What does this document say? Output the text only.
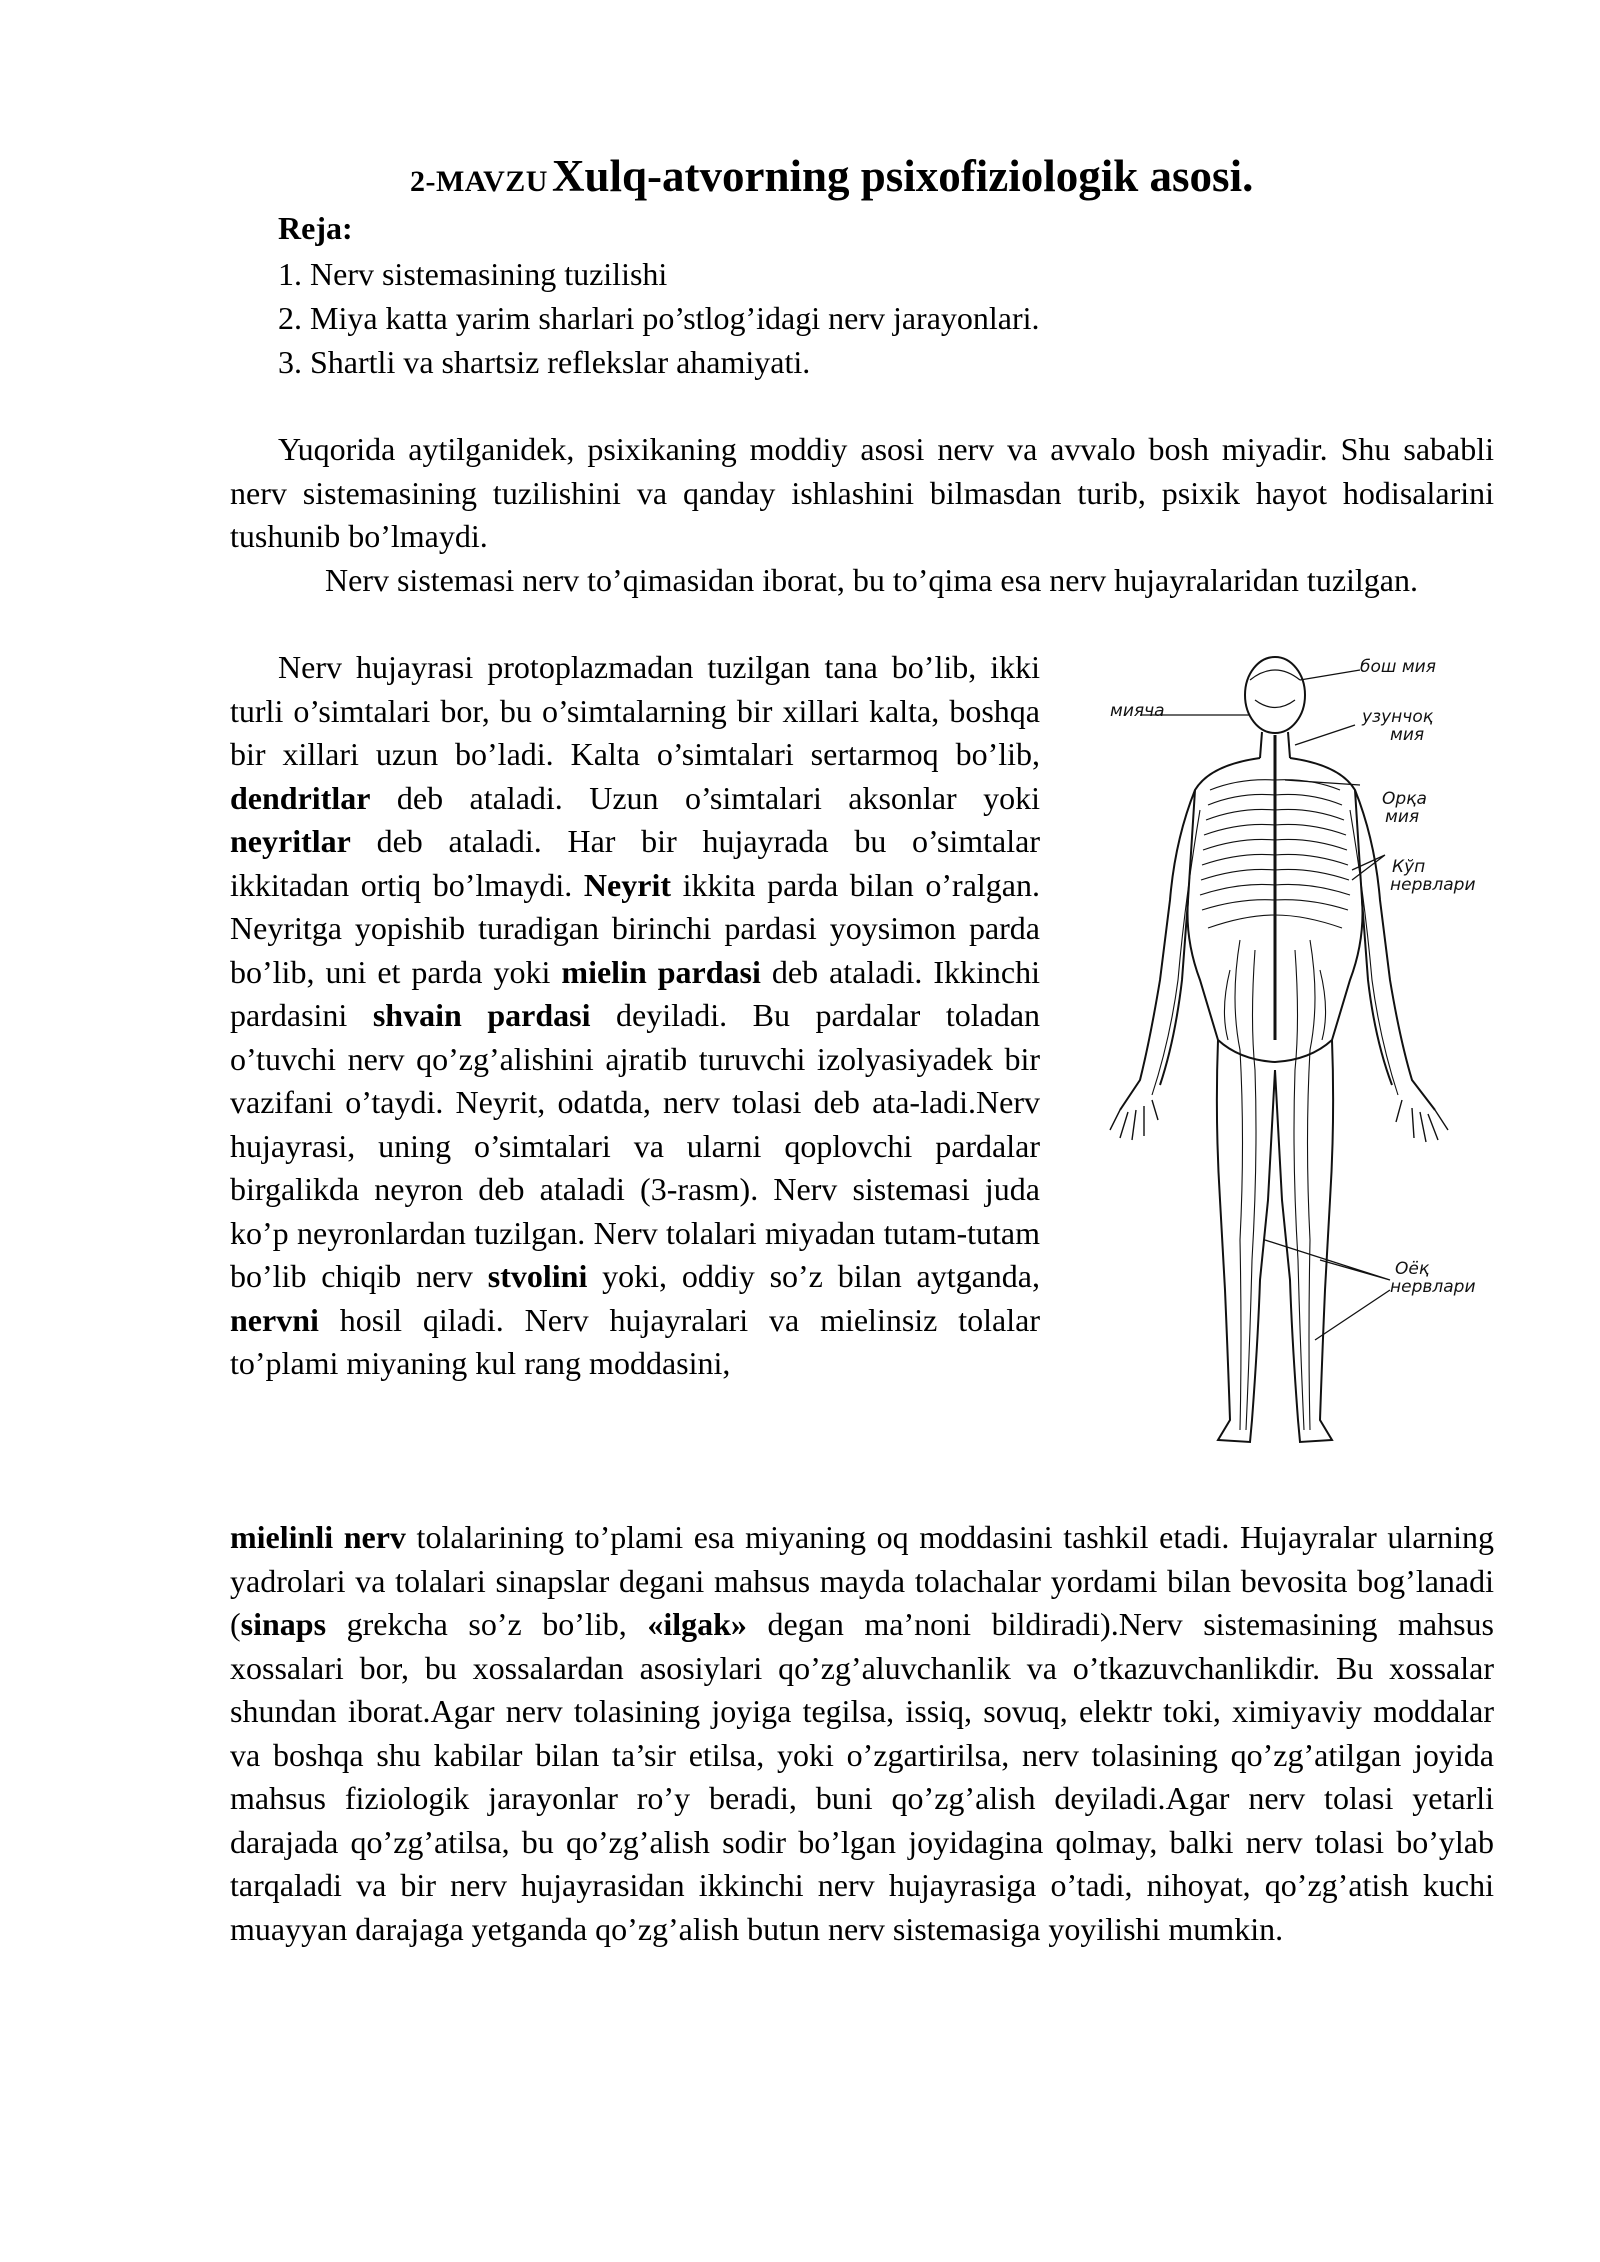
2-MAVZU Xulq-atvorning psixofiziologik asosi.
Reja:
1. Nerv sistemasining tuzilishi
2. Miya katta yarim sharlari po’stlog’idagi nerv jarayonlari.
3. Shartli va shartsiz reflekslar ahamiyati.

Yuqorida aytilganidek, psixikaning moddiy asosi nerv va avvalo bosh miyadir. Shu sababli nerv sistemasining tuzilishini va qanday ishlashini bilmasdan turib, psixik hayot hodisalarini tushunib bo’lmaydi.

Nerv sistemasi nerv to’qimasidan iborat, bu to’qima esa nerv hujayralaridan tuzilgan.

Nerv hujayrasi protoplazmadan tuzilgan tana bo’lib, ikki turli o’simtalari bor, bu o’simtalarning bir xillari kalta, boshqa bir xillari uzun bo’ladi. Kalta o’simtalari sertarmoq bo’lib, dendritlar deb ataladi. Uzun o’simtalari aksonlar yoki neyritlar deb ataladi. Har bir hujayrada bu o’simtalar ikkitadan ortiq bo’lmaydi. Neyrit ikkita parda bilan o’ralgan. Neyritga yopishib turadigan birinchi pardasi yoysimon parda bo’lib, uni et parda yoki mielin pardasi deb ataladi. Ikkinchi pardasini shvain pardasi deyiladi. Bu pardalar toladan o’tuvchi nerv qo’zg’alishini ajratib turuvchi izolyasiyadek bir vazifani o’taydi. Neyrit, odatda, nerv tolasi deb ata-ladi.Nerv hujayrasi, uning o’simtalari va ularni qoplovchi pardalar birgalikda neyron deb ataladi (3-rasm). Nerv sistemasi juda ko’p neyronlardan tuzilgan. Nerv tolalari miyadan tutam-tutam bo’lib chiqib nerv stvolini yoki, oddiy so’z bilan aytganda, nervni hosil qiladi. Nerv hujayralari va mielinsiz tolalar to’plami miyaning kul rang moddasini,

mielinli nerv tolalarining to’plami esa miyaning oq moddasini tashkil etadi. Hujayralar ularning yadrolari va tolalari sinapslar degani mahsus mayda tolachalar yordami bilan bevosita bog’lanadi (sinaps grekcha so’z bo’lib, «ilgak» degan ma’noni bildiradi).Nerv sistemasining mahsus xossalari bor, bu xossalardan asosiylari qo’zg’aluvchanlik va o’tkazuvchanlikdir. Bu xossalar shundan iborat.Agar nerv tolasining joyiga tegilsa, issiq, sovuq, elektr toki, ximiyaviy moddalar va boshqa shu kabilar bilan ta’sir etilsa, yoki o’zgartirilsa, nerv tolasining qo’zg’atilgan joyida mahsus fiziologik jarayonlar ro’y beradi, buni qo’zg’alish deyiladi.Agar nerv tolasi yetarli darajada qo’zg’atilsa, bu qo’zg’alish sodir bo’lgan joyidagina qolmay, balki nerv tolasi bo’ylab tarqaladi va bir nerv hujayrasidan ikkinchi nerv hujayrasiga o’tadi, nihoyat, qo’zg’atish kuchi muayyan darajaga yetganda qo’zg’alish butun nerv sistemasiga yoyilishi mumkin.

бош мия
мияча	узунчоқ
мия
Орқа
мия
Кўп
нервлари
Оёқ
нервлари
